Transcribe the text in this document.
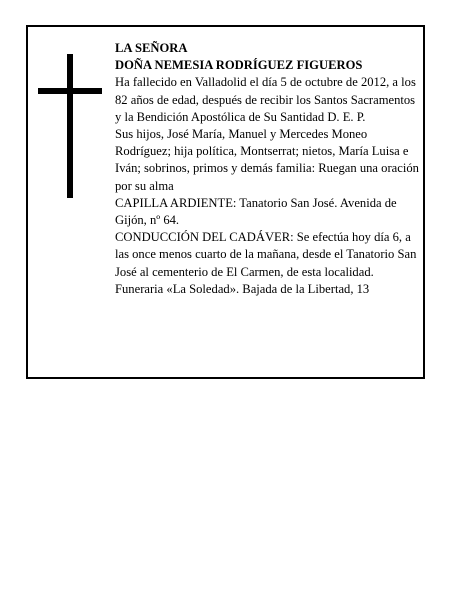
LA SEÑORA

DOÑA NEMESIA RODRÍGUEZ FIGUEROS

Ha fallecido en Valladolid el día 5 de octubre de 2012, a los 82 años de edad, después de recibir los Santos Sacramentos y la Bendición Apostólica de Su Santidad D. E. P.

Sus hijos, José María, Manuel y Mercedes Moneo Rodríguez; hija política, Montserrat; nietos, María Luisa e Iván; sobrinos, primos y demás familia: Ruegan una oración por su alma

CAPILLA ARDIENTE: Tanatorio San José. Avenida de Gijón, nº 64.

CONDUCCIÓN DEL CADÁVER: Se efectúa hoy día 6, a las once menos cuarto de la mañana, desde el Tanatorio San José al cementerio de El Carmen, de esta localidad.

Funeraria «La Soledad». Bajada de la Libertad, 13
